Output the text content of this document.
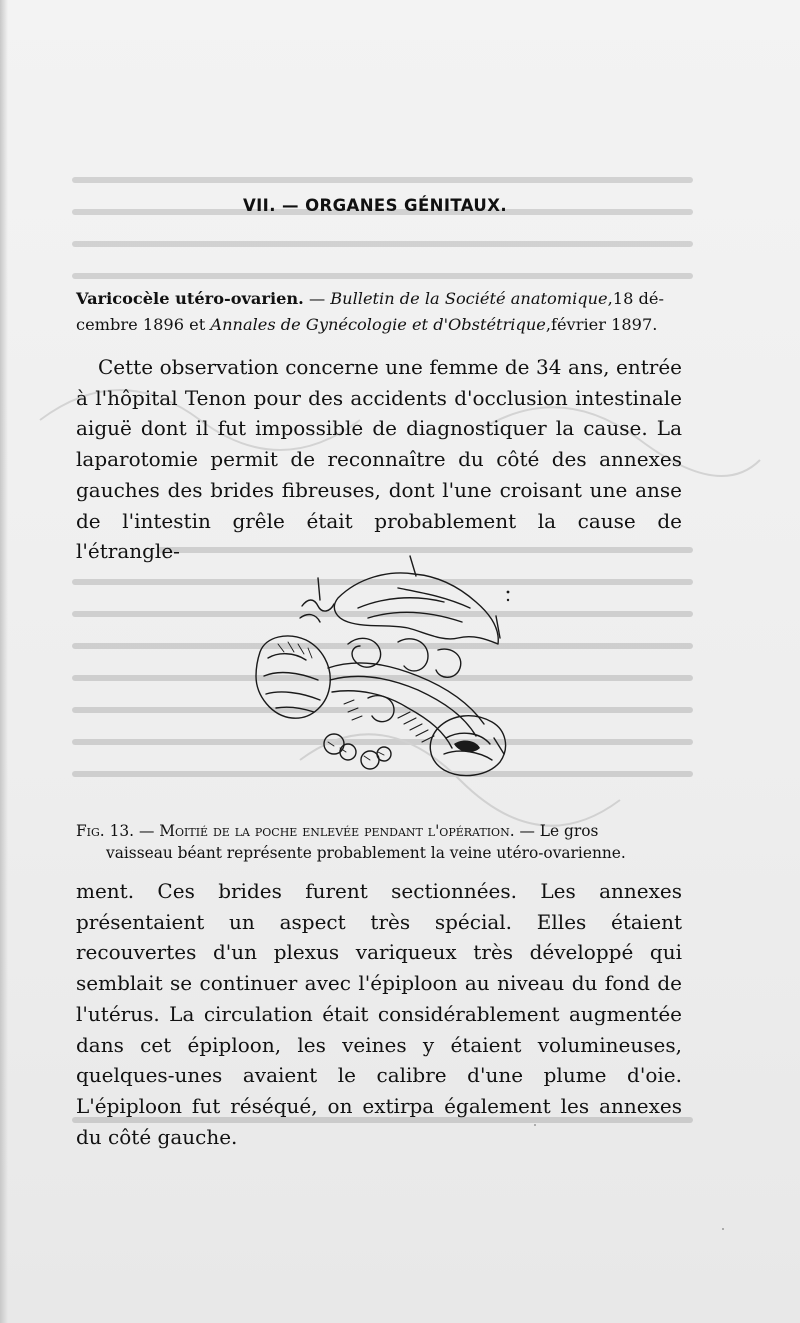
VII. — ORGANES GÉNITAUX.
Varicocèle utéro-ovarien. — Bulletin de la Société anatomique,18 dé-
cembre 1896 et Annales de Gynécologie et d'Obstétrique,février 1897.
Cette observation concerne une femme de 34 ans, entrée à l'hôpital Tenon pour des accidents d'occlusion intestinale aiguë dont il fut impossible de diagnostiquer la cause. La laparotomie permit de reconnaître du côté des annexes gauches des brides fibreuses, dont l'une croisant une anse de l'intestin grêle était probablement la cause de l'étrangle-
Fig. 13. — Moitié de la poche enlevée pendant l'opération. — Le gros
vaisseau béant représente probablement la veine utéro-ovarienne.
ment. Ces brides furent sectionnées. Les annexes présentaient un aspect très spécial. Elles étaient recouvertes d'un plexus variqueux très développé qui semblait se continuer avec l'épiploon au niveau du fond de l'utérus. La circulation était considérablement augmentée dans cet épiploon, les veines y étaient volumineuses, quelques-unes avaient le calibre d'une plume d'oie. L'épiploon fut réséqué, on extirpa également les annexes du côté gauche.
